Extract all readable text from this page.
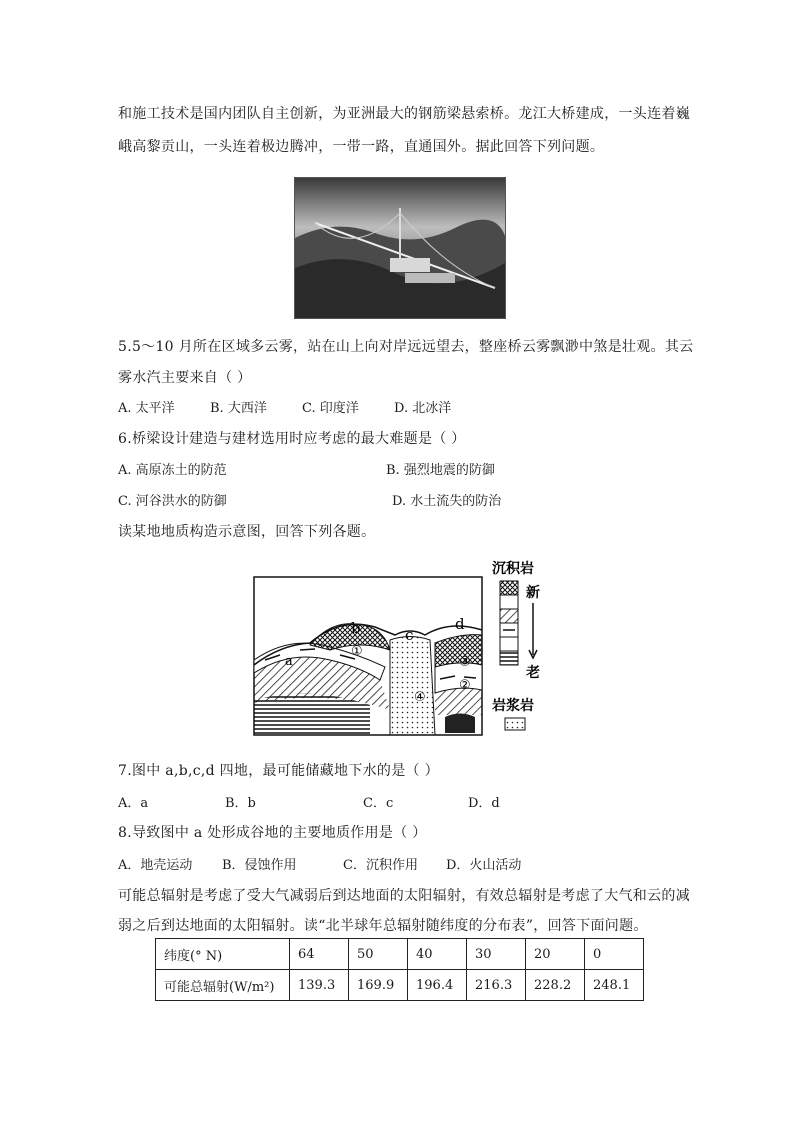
和施工技术是国内团队自主创新，为亚洲最大的钢筋梁悬索桥。龙江大桥建成，一头连着巍
峨高黎贡山，一头连着极边腾冲，一带一路，直通国外。据此回答下列问题。
5.5～10 月所在区域多云雾，站在山上向对岸远远望去，整座桥云雾飘渺中煞是壮观。其云
雾水汽主要来自（ ）
A. 太平洋	B. 大西洋	C. 印度洋	D. 北冰洋
6.桥梁设计建造与建材选用时应考虑的最大难题是（ ）
A. 高原冻土的防范	B. 强烈地震的防御
C. 河谷洪水的防御	D. 水土流失的防治
读某地地质构造示意图，回答下列各题。
①
②
③
④
a
b	c
d
沉积岩
新
老
岩浆岩
7.图中 a,b,c,d 四地，最可能储藏地下水的是（ ）
A．a	B．b	C．c	D．d
8.导致图中 a 处形成谷地的主要地质作用是（ ）
A．地壳运动 B．侵蚀作用	C．沉积作用 D．火山活动
可能总辐射是考虑了受大气减弱后到达地面的太阳辐射，有效总辐射是考虑了大气和云的减
弱之后到达地面的太阳辐射。读“北半球年总辐射随纬度的分布表”，回答下面问题。
纬度(° N)	64	50	40	30	20	0
可能总辐射(W/m²)	139.3	169.9	196.4	216.3	228.2	248.1
